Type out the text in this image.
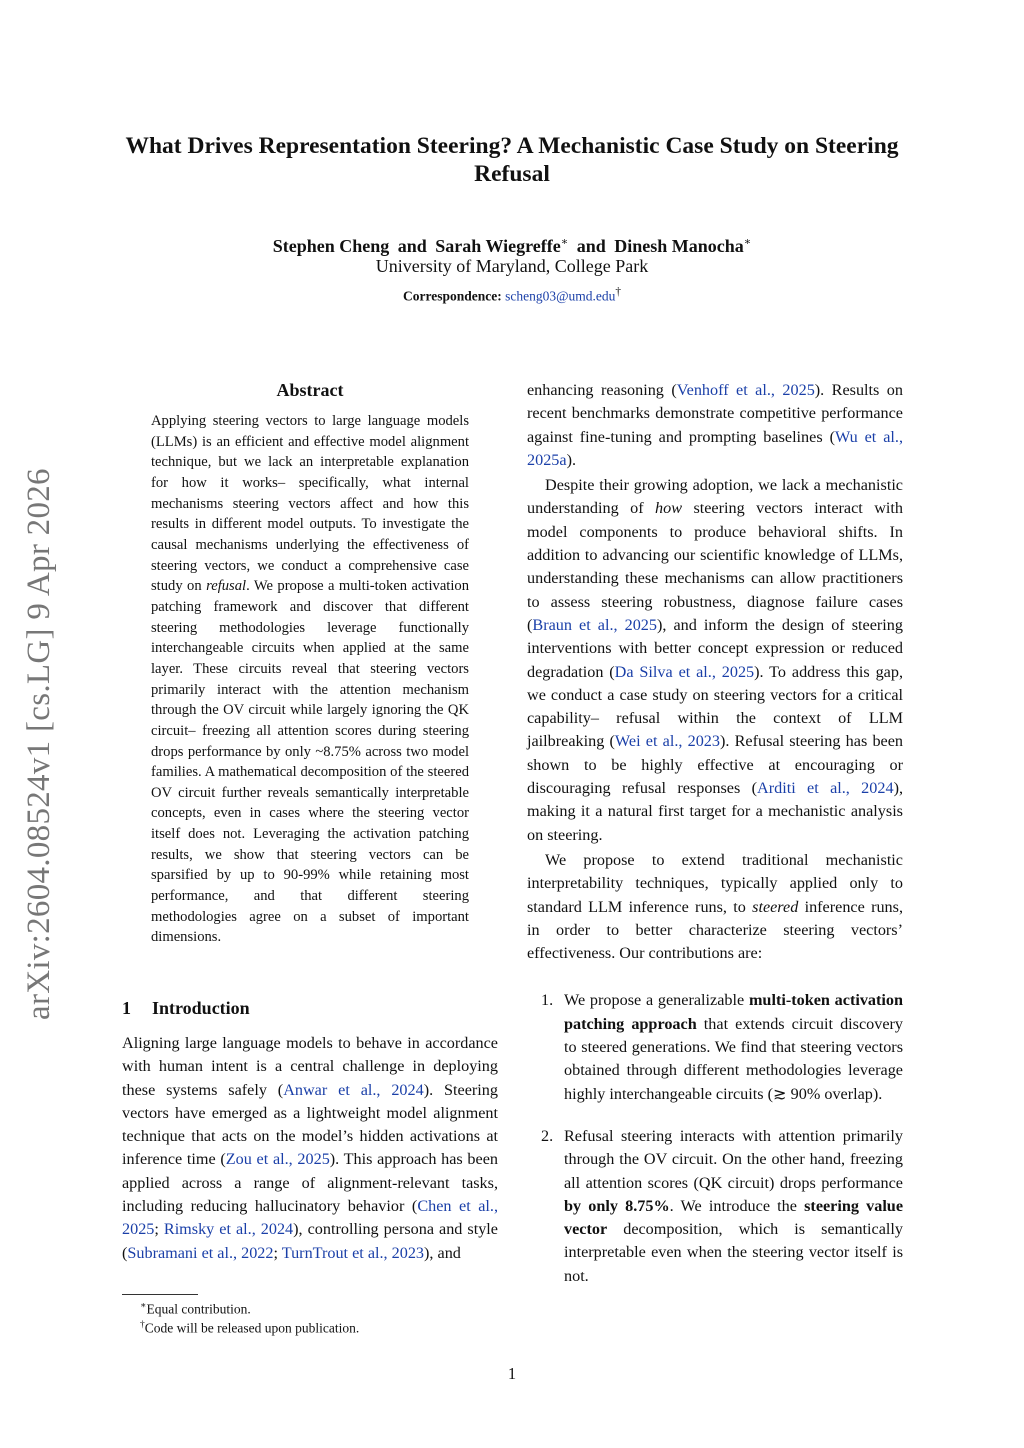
arXiv:2604.08524v1 [cs.LG] 9 Apr 2026
What Drives Representation Steering? A Mechanistic Case Study on Steering Refusal
Stephen Cheng and Sarah Wiegreffe∗ and Dinesh Manocha∗
University of Maryland, College Park
Correspondence: scheng03@umd.edu†
Abstract

Applying steering vectors to large language models (LLMs) is an efficient and effective model alignment technique, but we lack an interpretable explanation for how it works– specifically, what internal mechanisms steering vectors affect and how this results in different model outputs. To investigate the causal mechanisms underlying the effectiveness of steering vectors, we conduct a comprehensive case study on refusal. We propose a multi-token activation patching framework and discover that different steering methodologies leverage functionally interchangeable circuits when applied at the same layer. These circuits reveal that steering vectors primarily interact with the attention mechanism through the OV circuit while largely ignoring the QK circuit– freezing all attention scores during steering drops performance by only ~8.75% across two model families. A mathematical decomposition of the steered OV circuit further reveals semantically interpretable concepts, even in cases where the steering vector itself does not. Leveraging the activation patching results, we show that steering vectors can be sparsified by up to 90-99% while retaining most performance, and that different steering methodologies agree on a subset of important dimensions.

1 Introduction

Aligning large language models to behave in accordance with human intent is a central challenge in deploying these systems safely (Anwar et al., 2024). Steering vectors have emerged as a lightweight model alignment technique that acts on the model’s hidden activations at inference time (Zou et al., 2025). This approach has been applied across a range of alignment-relevant tasks, including reducing hallucinatory behavior (Chen et al., 2025; Rimsky et al., 2024), controlling persona and style (Subramani et al., 2022; TurnTrout et al., 2023), and

∗Equal contribution.

†Code will be released upon publication.

enhancing reasoning (Venhoff et al., 2025). Results on recent benchmarks demonstrate competitive performance against fine-tuning and prompting baselines (Wu et al., 2025a).

Despite their growing adoption, we lack a mechanistic understanding of how steering vectors interact with model components to produce behavioral shifts. In addition to advancing our scientific knowledge of LLMs, understanding these mechanisms can allow practitioners to assess steering robustness, diagnose failure cases (Braun et al., 2025), and inform the design of steering interventions with better concept expression or reduced degradation (Da Silva et al., 2025). To address this gap, we conduct a case study on steering vectors for a critical capability– refusal within the context of LLM jailbreaking (Wei et al., 2023). Refusal steering has been shown to be highly effective at encouraging or discouraging refusal responses (Arditi et al., 2024), making it a natural first target for a mechanistic analysis on steering.

We propose to extend traditional mechanistic interpretability techniques, typically applied only to standard LLM inference runs, to steered inference runs, in order to better characterize steering vectors’ effectiveness. Our contributions are:

1. We propose a generalizable multi-token activation patching approach that extends circuit discovery to steered generations. We find that steering vectors obtained through different methodologies leverage highly interchangeable circuits (≳ 90% overlap).
2. Refusal steering interacts with attention primarily through the OV circuit. On the other hand, freezing all attention scores (QK circuit) drops performance by only 8.75%. We introduce the steering value vector decomposition, which is semantically interpretable even when the steering vector itself is not.
1
